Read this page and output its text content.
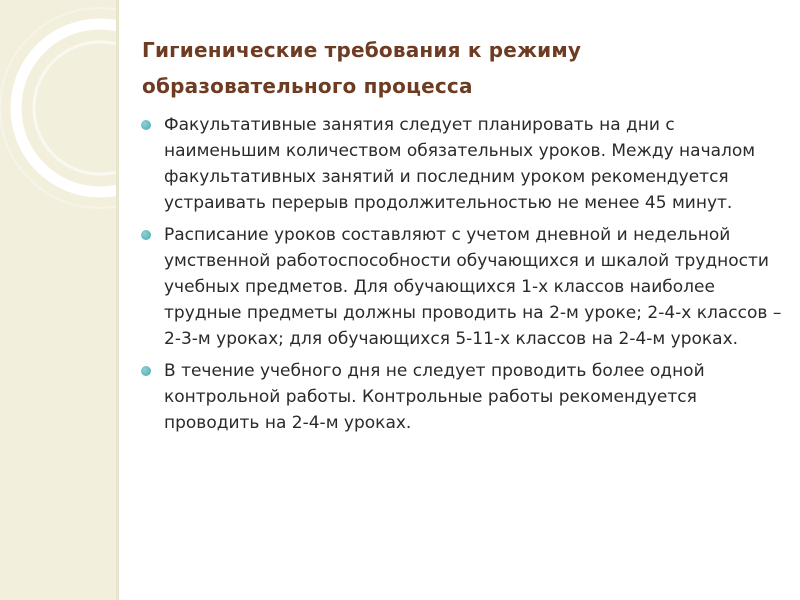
Гигиенические требования к режиму образовательного процесса
Факультативные занятия следует планировать на дни с наименьшим количеством обязательных уроков. Между началом факультативных занятий и последним уроком рекомендуется устраивать перерыв продолжительностью не менее 45 минут.
Расписание уроков составляют с учетом дневной и недельной умственной работоспособности обучающихся и шкалой трудности учебных предметов. Для обучающихся 1-х классов наиболее трудные предметы должны проводить на 2-м уроке; 2-4-х классов – 2-3-м уроках; для обучающихся 5-11-х классов на 2-4-м уроках.
В течение учебного дня не следует проводить более одной контрольной работы. Контрольные работы рекомендуется проводить на 2-4-м уроках.
